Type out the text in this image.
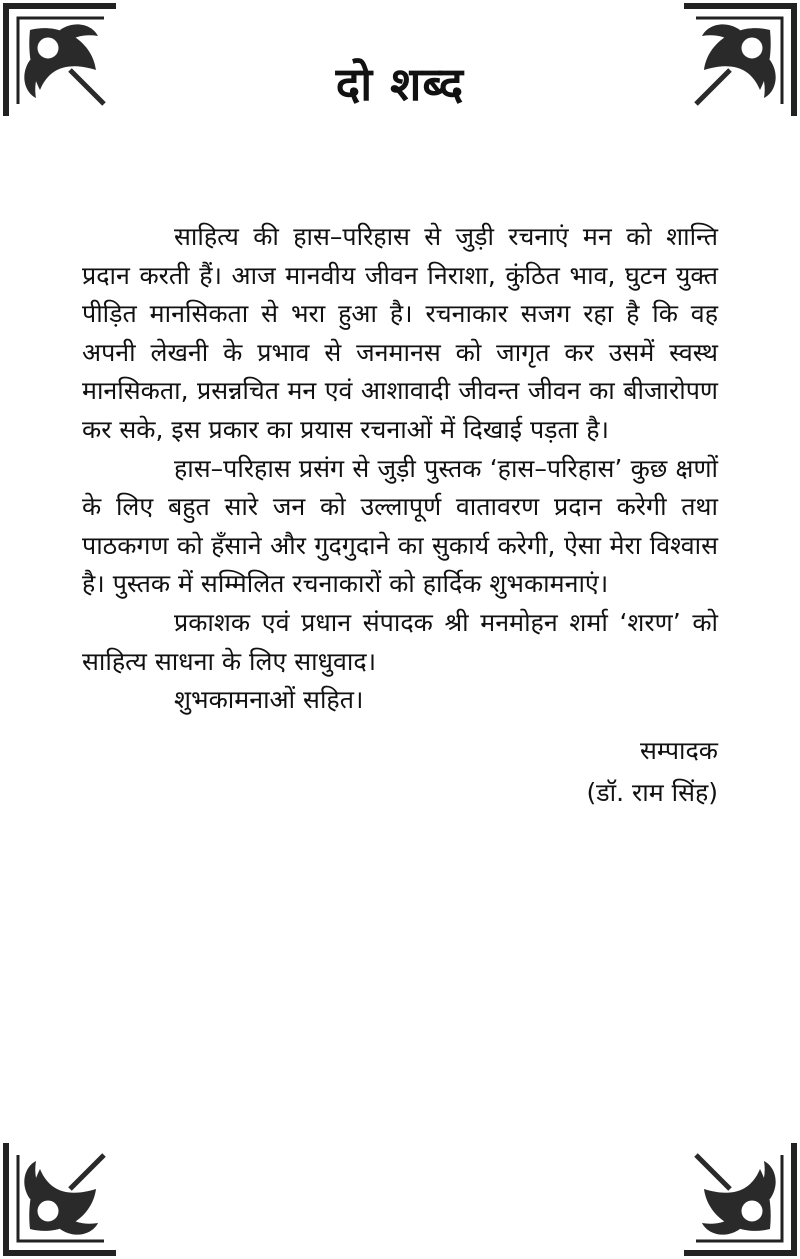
दो शब्द

साहित्य की हास–परिहास से जुड़ी रचनाएं मन को शान्ति प्रदान करती हैं। आज मानवीय जीवन निराशा, कुंठित भाव, घुटन युक्त पीड़ित मानसिकता से भरा हुआ है। रचनाकार सजग रहा है कि वह अपनी लेखनी के प्रभाव से जनमानस को जागृत कर उसमें स्वस्थ मानसिकता, प्रसन्नचित मन एवं आशावादी जीवन्त जीवन का बीजारोपण कर सके, इस प्रकार का प्रयास रचनाओं में दिखाई पड़ता है।

हास–परिहास प्रसंग से जुड़ी पुस्तक ‘हास–परिहास’ कुछ क्षणों के लिए बहुत सारे जन को उल्लापूर्ण वातावरण प्रदान करेगी तथा पाठकगण को हँसाने और गुदगुदाने का सुकार्य करेगी, ऐसा मेरा विश्वास है। पुस्तक में सम्मिलित रचनाकारों को हार्दिक शुभकामनाएं।

प्रकाशक एवं प्रधान संपादक श्री मनमोहन शर्मा ‘शरण’ को साहित्य साधना के लिए साधुवाद।

शुभकामनाओं सहित।

सम्पादक
(डॉ. राम सिंह)
